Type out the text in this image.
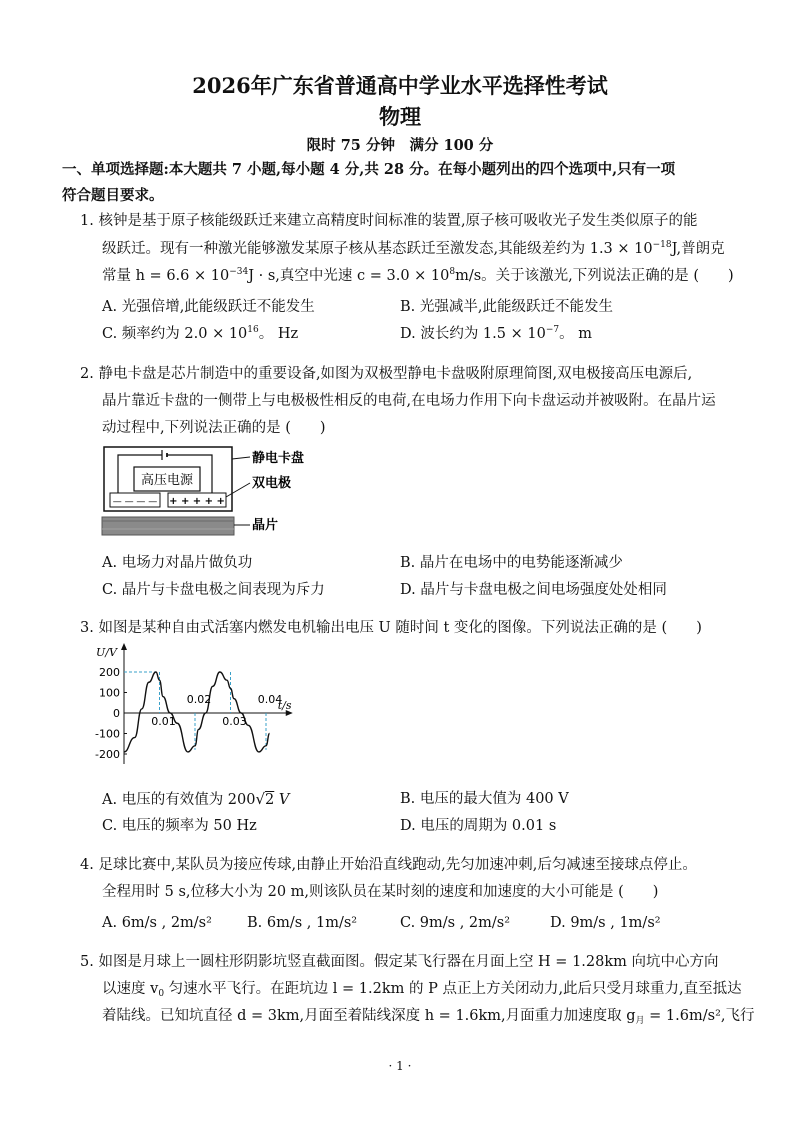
2026年广东省普通高中学业水平选择性考试
物理
限时 75 分钟　满分 100 分
一、单项选择题:本大题共 7 小题,每小题 4 分,共 28 分。在每小题列出的四个选项中,只有一项
符合题目要求。
1. 核钟是基于原子核能级跃迁来建立高精度时间标准的装置,原子核可吸收光子发生类似原子的能
级跃迁。现有一种激光能够激发某原子核从基态跃迁至激发态,其能级差约为 $1.3 \times 10^{-18}J$,普朗克
常量 $h = 6.6 \times 10^{-34}J \cdot s$,真空中光速 $c = 3.0 \times 10^8m/s$。关于该激光,下列说法正确的是 (　　)
A. 光强倍增,此能级跃迁不能发生	B. 光强减半,此能级跃迁不能发生
C. 频率约为 $2.0 \times 10^{16}$。 Hz	D. 波长约为 $1.5 \times 10^{-7}$。 m
2. 静电卡盘是芯片制造中的重要设备,如图为双极型静电卡盘吸附原理简图,双电极接高压电源后,
晶片靠近卡盘的一侧带上与电极极性相反的电荷,在电场力作用下向卡盘运动并被吸附。在晶片运
动过程中,下列说法正确的是 (　　)
高压电源
— — — — + + + + +
静电卡盘
双电极
晶片
A. 电场力对晶片做负功	B. 晶片在电场中的电势能逐渐减少
C. 晶片与卡盘电极之间表现为斥力	D. 晶片与卡盘电极之间电场强度处处相同
3. 如图是某种自由式活塞内燃发电机输出电压 U 随时间 t 变化的图像。下列说法正确的是 (　　)
U/V
t/s
200
100
0
-100
-200
0.01
0.02
0.03
0.04
A. 电压的有效值为 200√2 V	B. 电压的最大值为 400 V
C. 电压的频率为 50 Hz	D. 电压的周期为 0.01 s
4. 足球比赛中,某队员为接应传球,由静止开始沿直线跑动,先匀加速冲刺,后匀减速至接球点停止。
全程用时 5 s,位移大小为 20 m,则该队员在某时刻的速度和加速度的大小可能是 (　　)
A. 6m/s , 2m/s² B. 6m/s , 1m/s²	C. 9m/s , 2m/s²	D. 9m/s , 1m/s²
5. 如图是月球上一圆柱形阴影坑竖直截面图。假定某飞行器在月面上空 H = 1.28km 向坑中心方向
以速度 $v_0$ 匀速水平飞行。在距坑边 l = 1.2km 的 P 点正上方关闭动力,此后只受月球重力,直至抵达
着陆线。已知坑直径 d = 3km,月面至着陆线深度 h = 1.6km,月面重力加速度取 $g_月 = 1.6m/s^2$,飞行
· 1 ·
